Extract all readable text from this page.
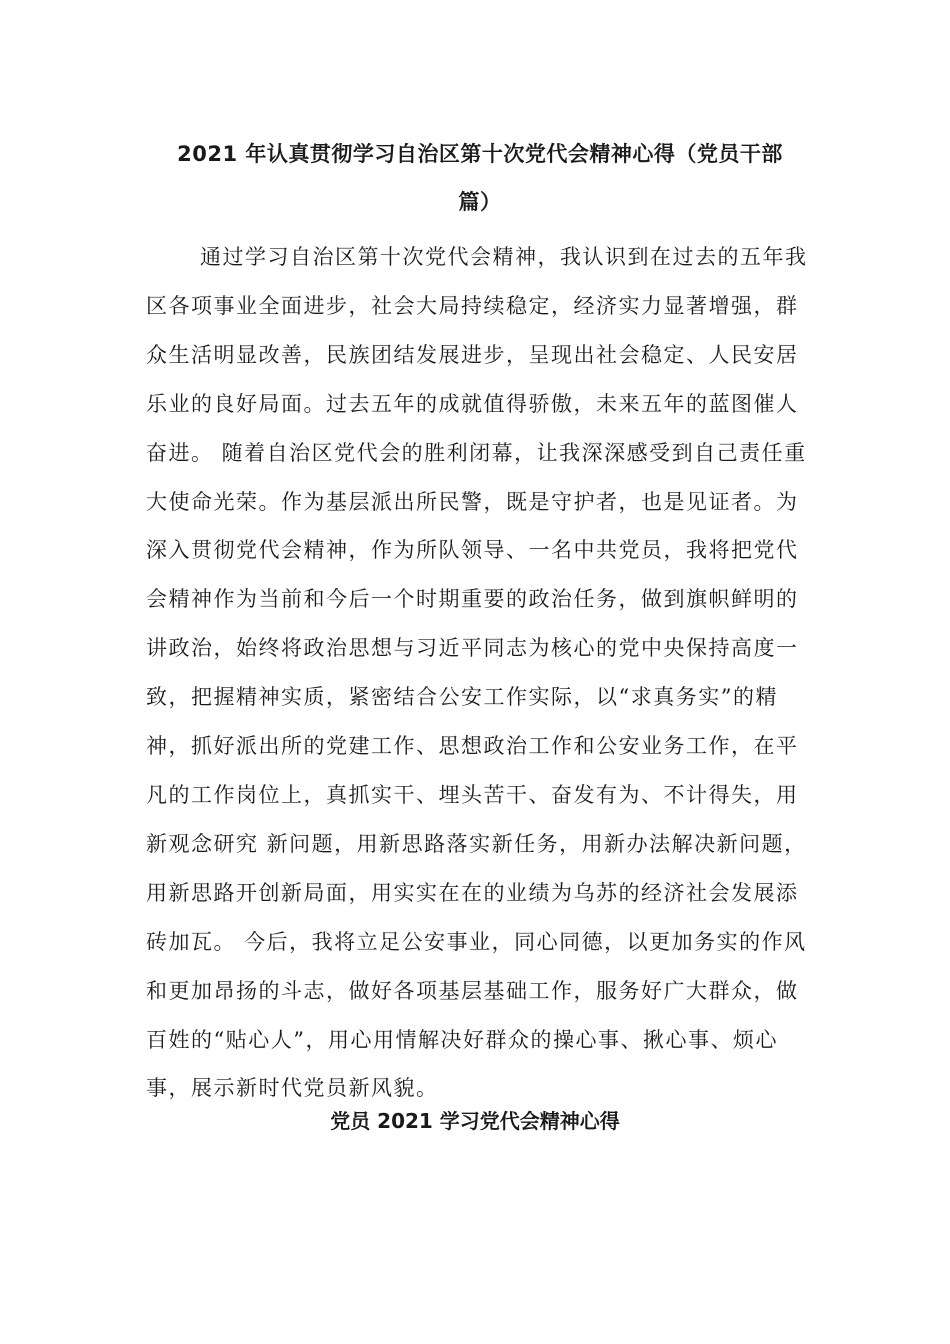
2021 年认真贯彻学习自治区第十次党代会精神心得（党员干部
篇）
通过学习自治区第十次党代会精神，我认识到在过去的五年我
区各项事业全面进步，社会大局持续稳定，经济实力显著增强，群
众生活明显改善，民族团结发展进步，呈现出社会稳定、人民安居
乐业的良好局面。过去五年的成就值得骄傲，未来五年的蓝图催人
奋进。 随着自治区党代会的胜利闭幕，让我深深感受到自己责任重
大使命光荣。作为基层派出所民警，既是守护者，也是见证者。为
深入贯彻党代会精神，作为所队领导、一名中共党员，我将把党代
会精神作为当前和今后一个时期重要的政治任务，做到旗帜鲜明的
讲政治，始终将政治思想与习近平同志为核心的党中央保持高度一
致，把握精神实质，紧密结合公安工作实际，以“求真务实”的精
神，抓好派出所的党建工作、思想政治工作和公安业务工作，在平
凡的工作岗位上，真抓实干、埋头苦干、奋发有为、不计得失，用
新观念研究 新问题，用新思路落实新任务，用新办法解决新问题，
用新思路开创新局面，用实实在在的业绩为乌苏的经济社会发展添
砖加瓦。 今后，我将立足公安事业，同心同德，以更加务实的作风
和更加昂扬的斗志，做好各项基层基础工作，服务好广大群众，做
百姓的“贴心人”，用心用情解决好群众的操心事、揪心事、烦心
事，展示新时代党员新风貌。
党员 2021 学习党代会精神心得
